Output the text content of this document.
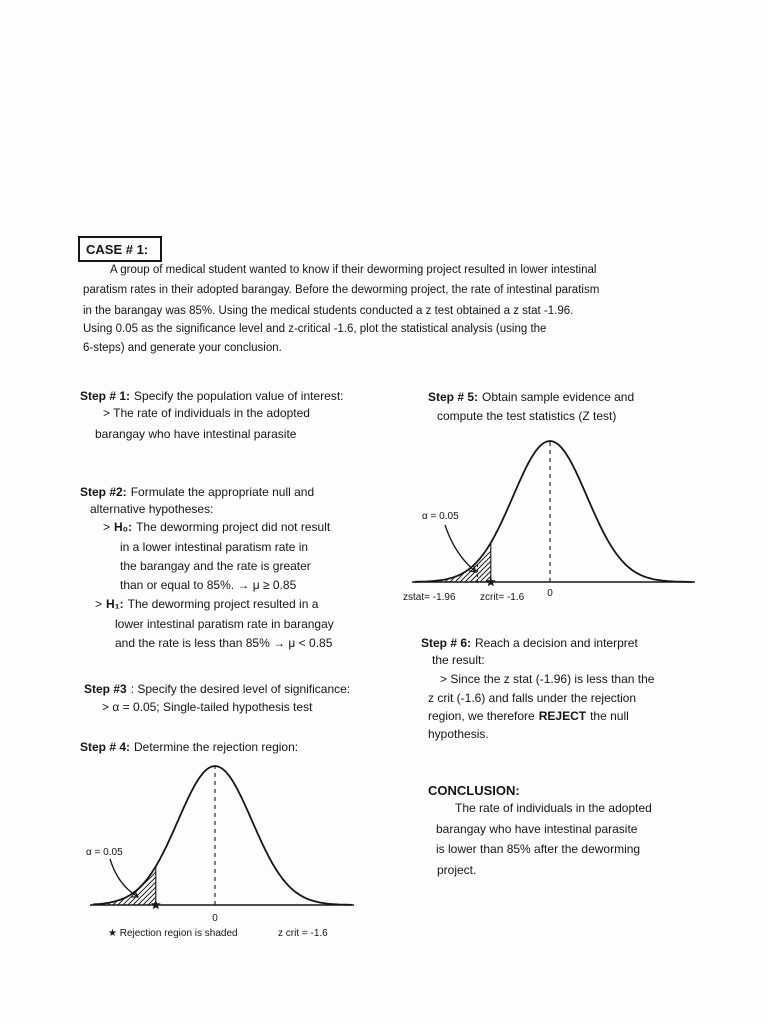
CASE # 1:
A group of medical student wanted to know if their deworming project resulted in lower intestinal
paratism rates in their adopted barangay. Before the deworming project, the rate of intestinal paratism
in the barangay was 85%. Using the medical students conducted a z test obtained a z stat -1.96.
Using 0.05 as the significance level and z-critical -1.6, plot the statistical analysis (using the
6-steps) and generate your conclusion.
Step # 1: Specify the population value of interest:
> The rate of individuals in the adopted
barangay who have intestinal parasite
Step #2: Formulate the appropriate null and
alternative hypotheses:
> H₀: The deworming project did not result
in a lower intestinal paratism rate in
the barangay and the rate is greater
than or equal to 85%. → μ ≥ 0.85
> H₁: The deworming project resulted in a
lower intestinal paratism rate in barangay
and the rate is less than 85% → μ < 0.85
Step #3 : Specify the desired level of significance:
> α = 0.05; Single-tailed hypothesis test
Step # 4: Determine the rejection region:
α = 0.05
0
★ Rejection region is shaded	z crit = -1.6
Step # 5: Obtain sample evidence and
compute the test statistics (Z test)
α = 0.05
0
zstat= -1.96 zcrit= -1.6
Step # 6: Reach a decision and interpret
the result:
> Since the z stat (-1.96) is less than the
z crit (-1.6) and falls under the rejection
region, we therefore REJECT the null
hypothesis.
CONCLUSION:
The rate of individuals in the adopted
barangay who have intestinal parasite
is lower than 85% after the deworming
project.
